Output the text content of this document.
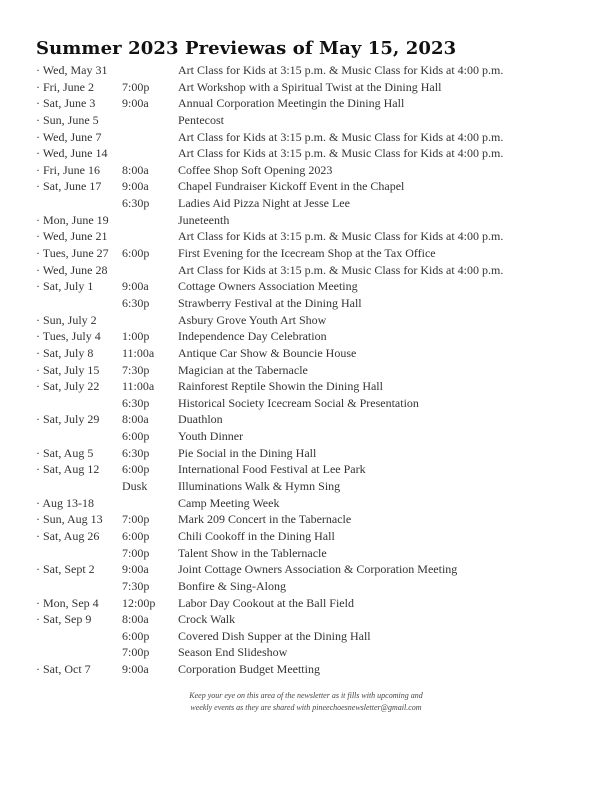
Summer 2023 Previewas of May 15, 2023
· Wed, May 31	Art Class for Kids at 3:15 p.m. & Music Class for Kids at 4:00 p.m.
· Fri, June 2 7:00p Art Workshop with a Spiritual Twist at the Dining Hall
· Sat, June 3 9:00a Annual Corporation Meetingin the Dining Hall
· Sun, June 5	Pentecost
· Wed, June 7	Art Class for Kids at 3:15 p.m. & Music Class for Kids at 4:00 p.m.
· Wed, June 14	Art Class for Kids at 3:15 p.m. & Music Class for Kids at 4:00 p.m.
· Fri, June 16 8:00a Coffee Shop Soft Opening 2023
· Sat, June 17 9:00a Chapel Fundraiser Kickoff Event in the Chapel
6:30p Ladies Aid Pizza Night at Jesse Lee
· Mon, June 19	Juneteenth
· Wed, June 21	Art Class for Kids at 3:15 p.m. & Music Class for Kids at 4:00 p.m.
· Tues, June 27 6:00p First Evening for the Icecream Shop at the Tax Office
· Wed, June 28	Art Class for Kids at 3:15 p.m. & Music Class for Kids at 4:00 p.m.
· Sat, July 1 9:00a Cottage Owners Association Meeting
6:30p Strawberry Festival at the Dining Hall
· Sun, July 2	Asbury Grove Youth Art Show
· Tues, July 4 1:00p Independence Day Celebration
· Sat, July 8 11:00a Antique Car Show & Bouncie House
· Sat, July 15 7:30p Magician at the Tabernacle
· Sat, July 22 11:00a Rainforest Reptile Showin the Dining Hall
6:30p Historical Society Icecream Social & Presentation
· Sat, July 29 8:00a Duathlon
6:00p Youth Dinner
· Sat, Aug 5 6:30p Pie Social in the Dining Hall
· Sat, Aug 12 6:00p International Food Festival at Lee Park
Dusk	Illuminations Walk & Hymn Sing
· Aug 13-18	Camp Meeting Week
· Sun, Aug 13 7:00p Mark 209 Concert in the Tabernacle
· Sat, Aug 26 6:00p Chili Cookoff in the Dining Hall
7:00p Talent Show in the Tablernacle
· Sat, Sept 2 9:00a Joint Cottage Owners Association & Corporation Meeting
7:30p Bonfire & Sing-Along
· Mon, Sep 4 12:00p Labor Day Cookout at the Ball Field
· Sat, Sep 9	8:00a Crock Walk
6:00p Covered Dish Supper at the Dining Hall
7:00p Season End Slideshow
· Sat, Oct 7	9:00a Corporation Budget Meetting
Keep your eye on this area of the newsletter as it fills with upcoming and
weekly events as they are shared with pineechoesnewsletter@gmail.com
